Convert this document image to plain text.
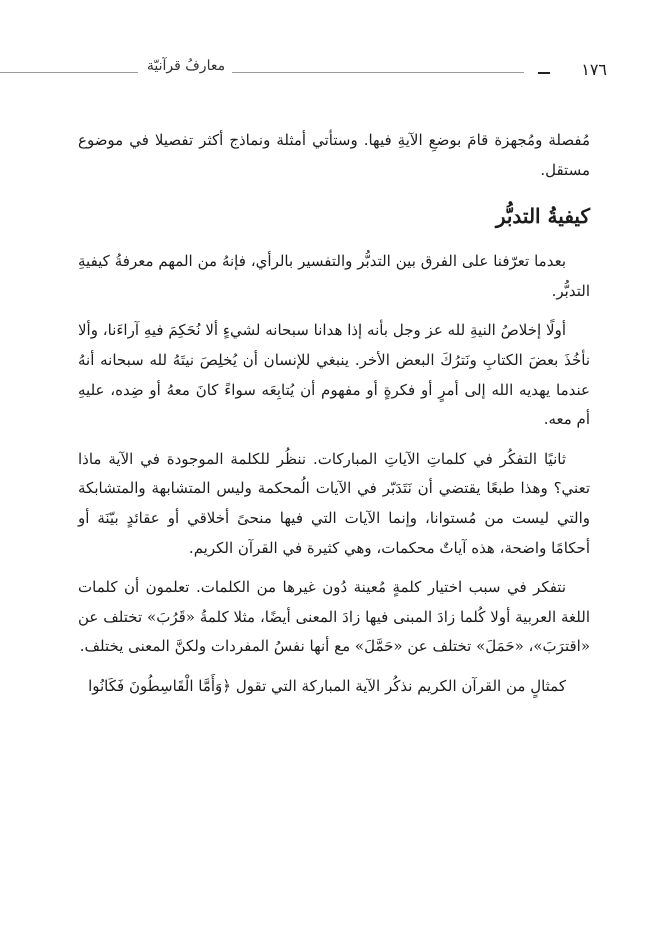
١٧٦
معارفُ قرآنيّة

مُفصلة ومُجهزة قامَ بوضعِ الآيةِ فيها. وستأتي أمثلة ونماذج أكثر تفصيلا في موضوع مستقل.

كيفيةُ التدبُّر

بعدما تعرّفنا على الفرق بين التدبُّر والتفسير بالرأي، فإنهُ من المهم معرفةُ كيفيةِ التدبُّر.

أولًا إخلاصُ النيةِ لله عز وجل بأنه إذا هدانا سبحانه لشيءٍ ألا نُحَكِمَ فيهِ آراءَنا، وألا نأخُذَ بعضَ الكتابِ ونَترُكَ البعض الأخر. ينبغي للإنسان أن يُخلِصَ نيتَهُ لله سبحانه أنهُ عندما يهديه الله إلى أمرٍ أو فكرةٍ أو مفهوم أن يُتابِعَه سواءً كانَ معهُ أو ضِده، عليهِ أم معه.

ثانيًا التفكُر في كلماتِ الآياتِ المباركات. ننظُر للكلمة الموجودة في الآية ماذا تعني؟ وهذا طبعًا يقتضي أن نَتَدَبّر في الآيات الُمحكمة وليس المتشابهة والمتشابكة والتي ليست من مُستوانا، وإنما الآيات التي فيها منحىً أخلاقي أو عقائدٍ بيّنَة أو أحكامًا واضحة، هذه آياتٌ محكمات، وهي كثيرة في القرآن الكريم.

نتفكر في سبب اختيار كلمةٍ مُعينة دُون غيرها من الكلمات. تعلمون أن كلمات اللغة العربية أولا كُلما زادَ المبنى فيها زادَ المعنى أيضًا، مثلا كلمةُ «قَرُبَ» تختلف عن «اقترَبَ»، «حَمَلَ» تختلف عن «حَمَّلَ» مع أنها نفسُ المفردات ولكنَّ المعنى يختلف.

كمثالٍ من القرآن الكريم نذكُر الآية المباركة التي تقول ﴿وَأَمَّا الْقَاسِطُونَ فَكَانُوا
